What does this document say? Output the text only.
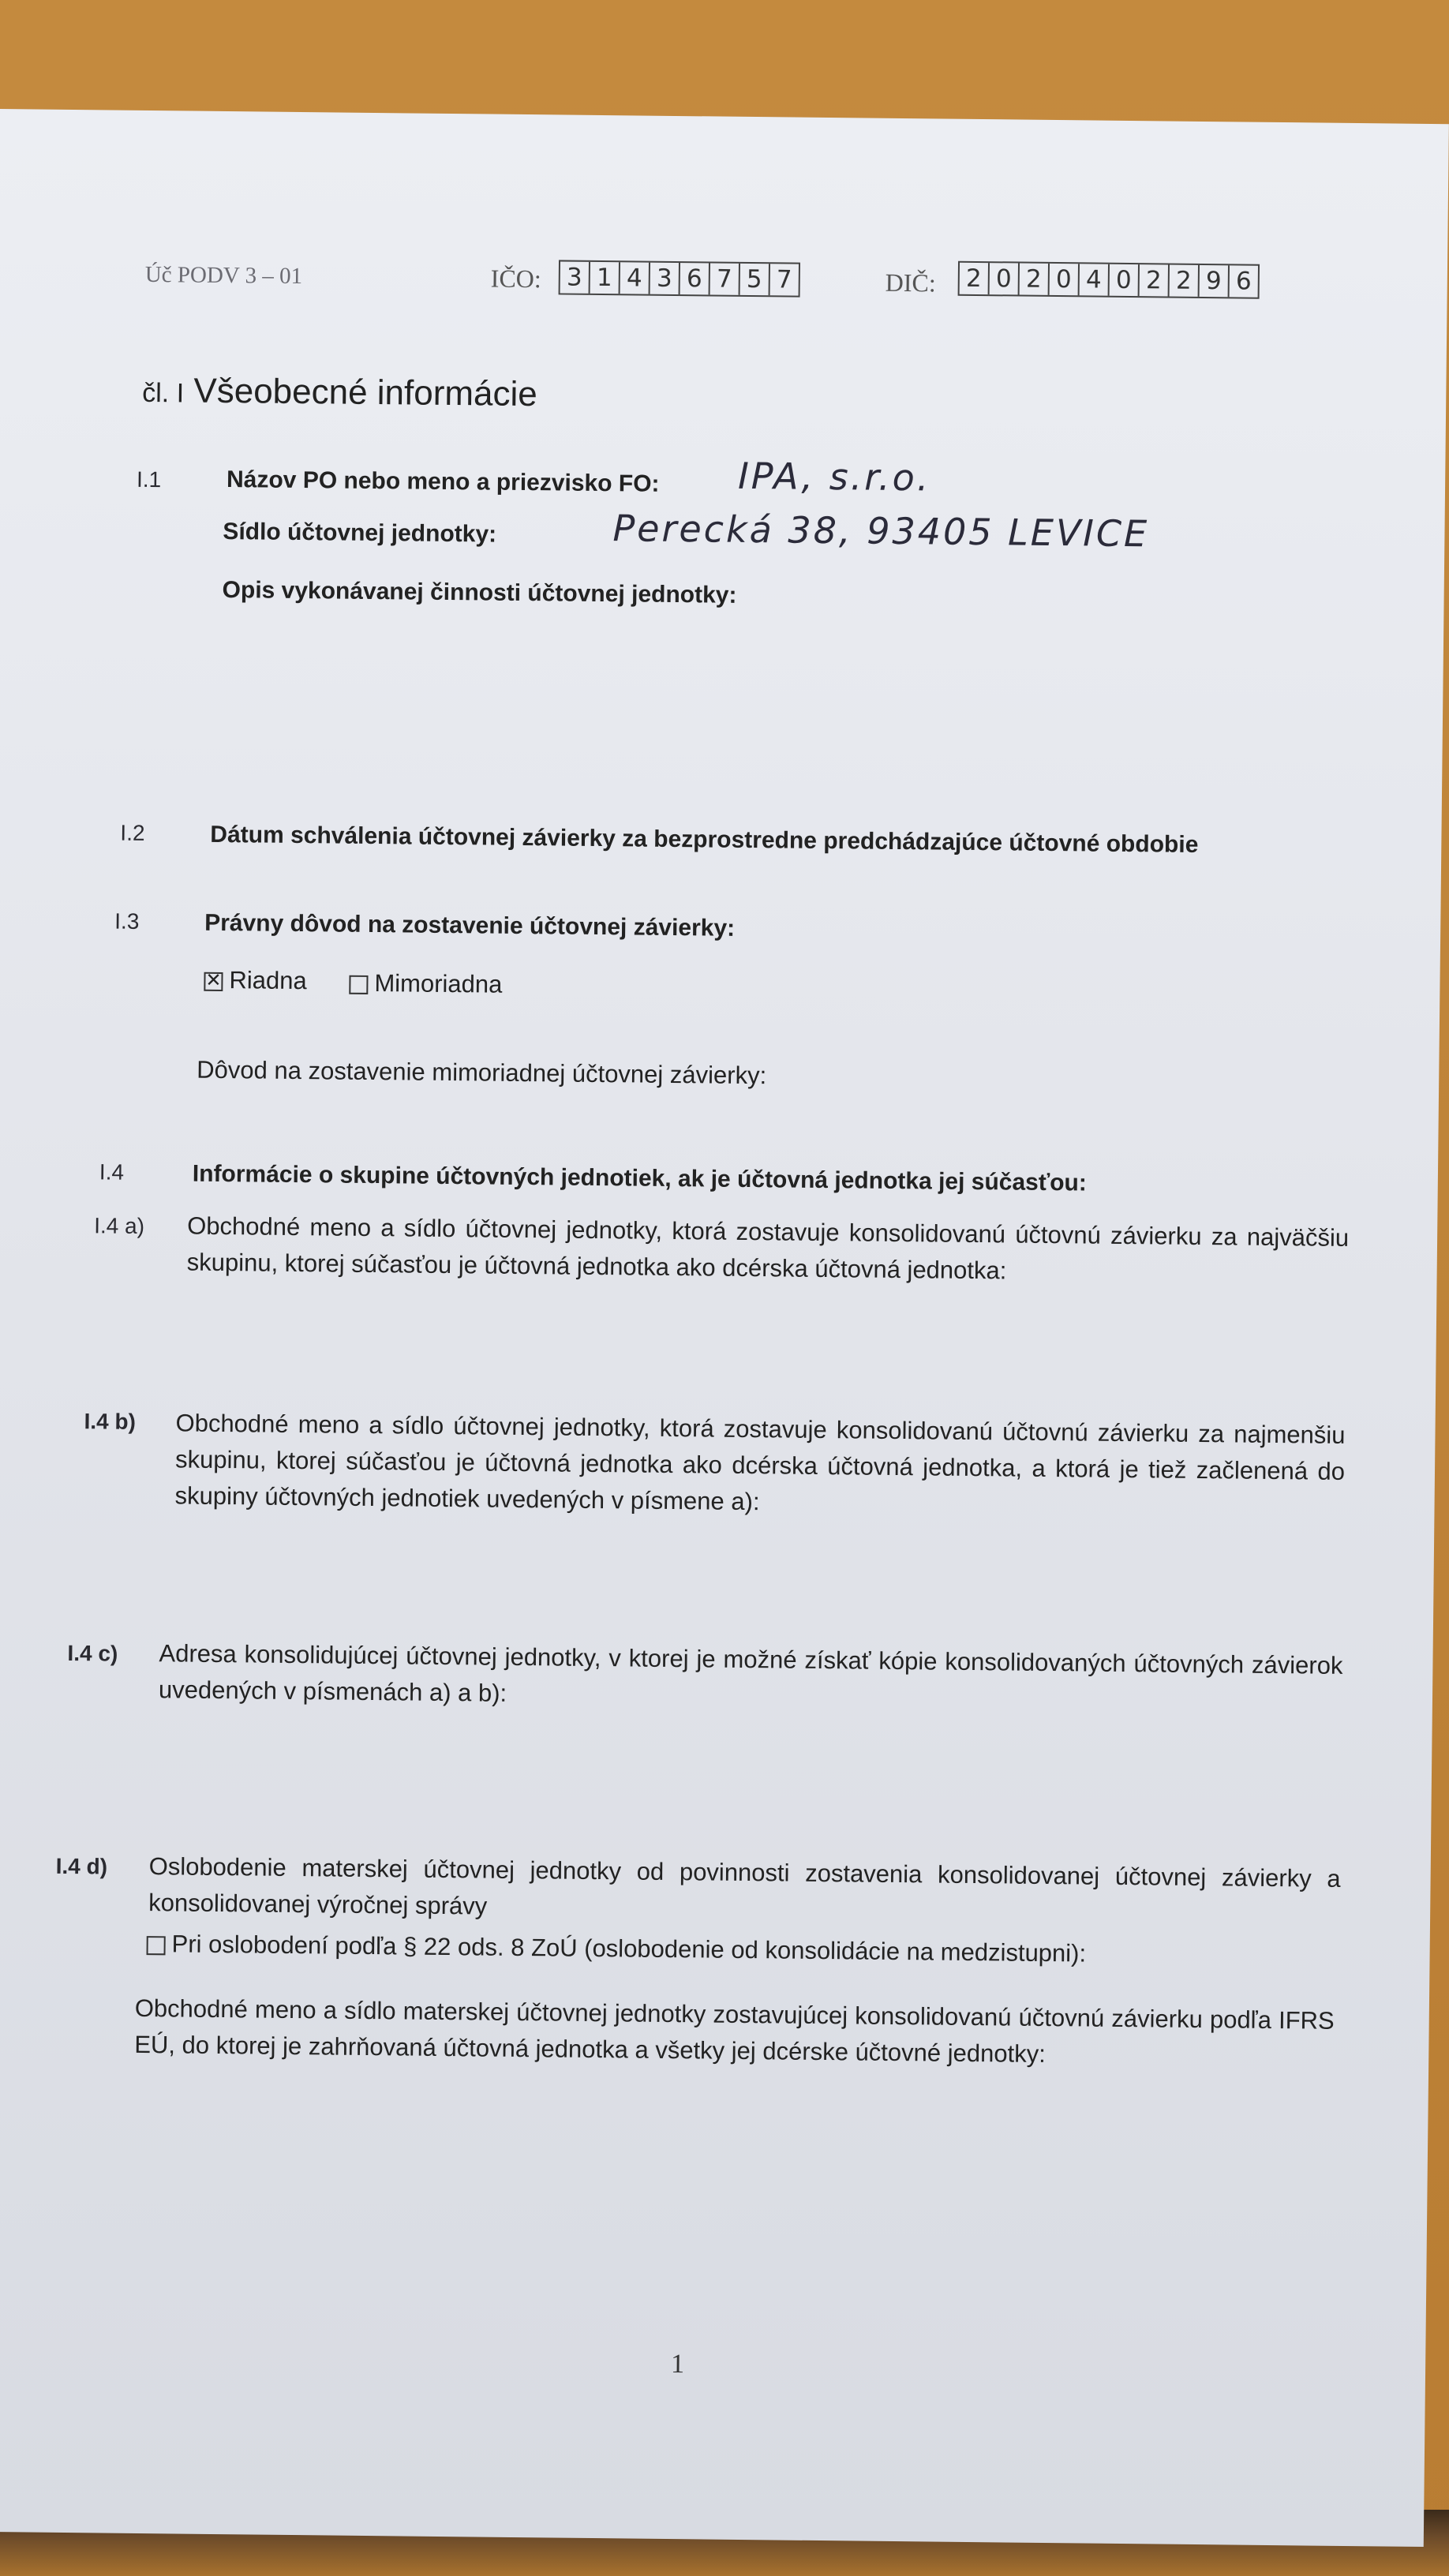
Úč PODV 3 – 01	IČO: 3 1 4 3 6 7 5 7	DIČ: 2 0 2 0 4 0 2 2 9 6
čl. I Všeobecné informácie
I.1	Názov PO nebo meno a priezvisko FO: IPA, s.r.o.
Sídlo účtovnej jednotky:	Perecká 38, 93405 LEVICE
Opis vykonávanej činnosti účtovnej jednotky:
I.2	Dátum schválenia účtovnej závierky za bezprostredne predchádzajúce účtovné obdobie
I.3	Právny dôvod na zostavenie účtovnej závierky:
✕ Riadna	Mimoriadna
Dôvod na zostavenie mimoriadnej účtovnej závierky:
I.4	Informácie o skupine účtovných jednotiek, ak je účtovná jednotka jej súčasťou:
I.4 a) Obchodné meno a sídlo účtovnej jednotky, ktorá zostavuje konsolidovanú účtovnú závierku za najväčšiu skupinu, ktorej súčasťou je účtovná jednotka ako dcérska účtovná jednotka:
I.4 b) Obchodné meno a sídlo účtovnej jednotky, ktorá zostavuje konsolidovanú účtovnú závierku za najmenšiu skupinu, ktorej súčasťou je účtovná jednotka ako dcérska účtovná jednotka, a ktorá je tiež začlenená do skupiny účtovných jednotiek uvedených v písmene a):
I.4 c) Adresa konsolidujúcej účtovnej jednotky, v ktorej je možné získať kópie konsolidovaných účtovných závierok uvedených v písmenách a) a b):
I.4 d) Oslobodenie materskej účtovnej jednotky od povinnosti zostavenia konsolidovanej účtovnej závierky a konsolidovanej výročnej správy
Pri oslobodení podľa § 22 ods. 8 ZoÚ (oslobodenie od konsolidácie na medzistupni):
Obchodné meno a sídlo materskej účtovnej jednotky zostavujúcej konsolidovanú účtovnú závierku podľa IFRS EÚ, do ktorej je zahrňovaná účtovná jednotka a všetky jej dcérske účtovné jednotky:
1
